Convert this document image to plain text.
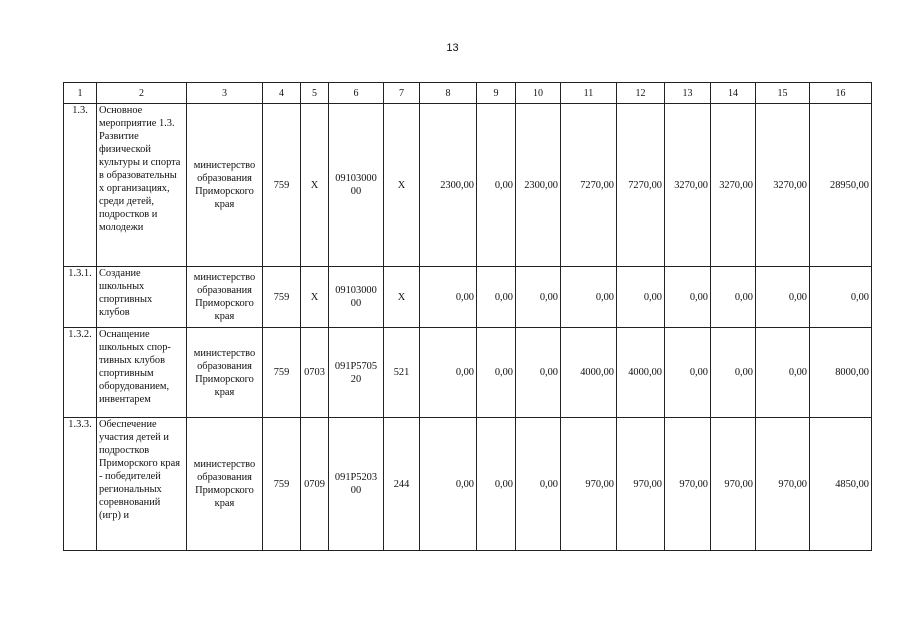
13
1	2	3	4	5	6	7	8	9	10	11	12	13	14	15	16
1.3.	Основное мероприятие 1.3. Развитие физической культуры и спорта в образовательны х организациях, среди детей, подростков и молодежи	министерство образования Приморского края	759	X	09103000 00	X	2300,00	0,00	2300,00	7270,00	7270,00	3270,00	3270,00	3270,00	28950,00
1.3.1.	Создание школьных спортивных клубов	министерство образования Приморского края	759	X	09103000 00	X	0,00	0,00	0,00	0,00	0,00	0,00	0,00	0,00	0,00
1.3.2.	Оснащение школьных спор- тивных клубов спортивным оборудованием, инвентарем	министерство образования Приморского края	759	0703	091Р5705 20	521	0,00	0,00	0,00	4000,00	4000,00	0,00	0,00	0,00	8000,00
1.3.3.	Обеспечение участия детей и подростков Приморского края - победителей региональных соревнований (игр) и	министерство образования Приморского края	759	0709	091Р5203 00	244	0,00	0,00	0,00	970,00	970,00	970,00	970,00	970,00	4850,00
